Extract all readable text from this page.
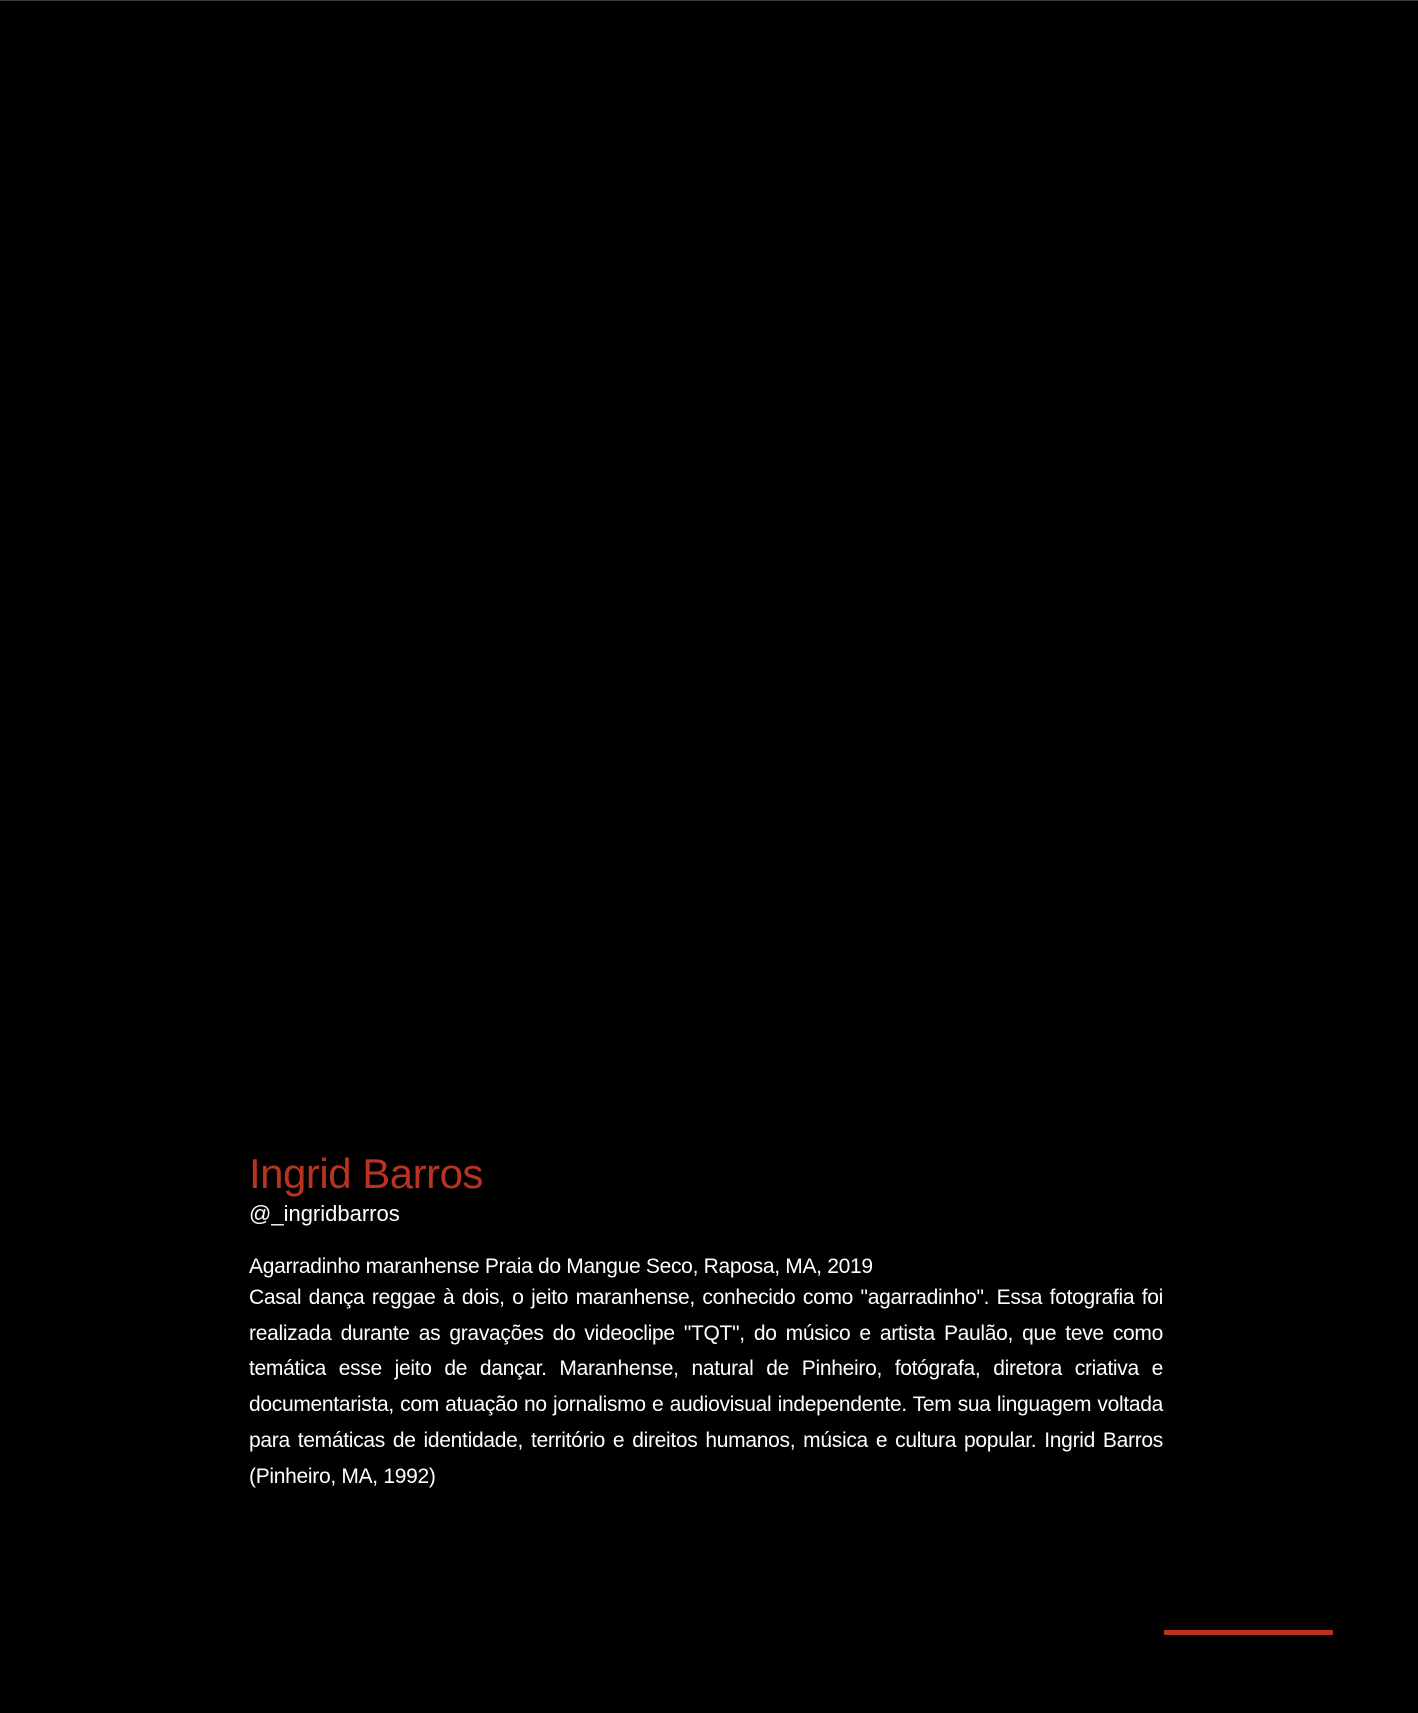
Ingrid Barros

@_ingridbarros

Agarradinho maranhense Praia do Mangue Seco, Raposa, MA, 2019

Casal dança reggae à dois, o jeito maranhense, conhecido como "agarradinho". Essa fotografia foi realizada durante as gravações do videoclipe "TQT", do músico e artista Paulão, que teve como temática esse jeito de dançar. Maranhense, natural de Pinheiro, fotógrafa, diretora criativa e documentarista, com atuação no jornalismo e audiovisual independente. Tem sua linguagem voltada para temáticas de identidade, território e direitos humanos, música e cultura popular. Ingrid Barros (Pinheiro, MA, 1992)
